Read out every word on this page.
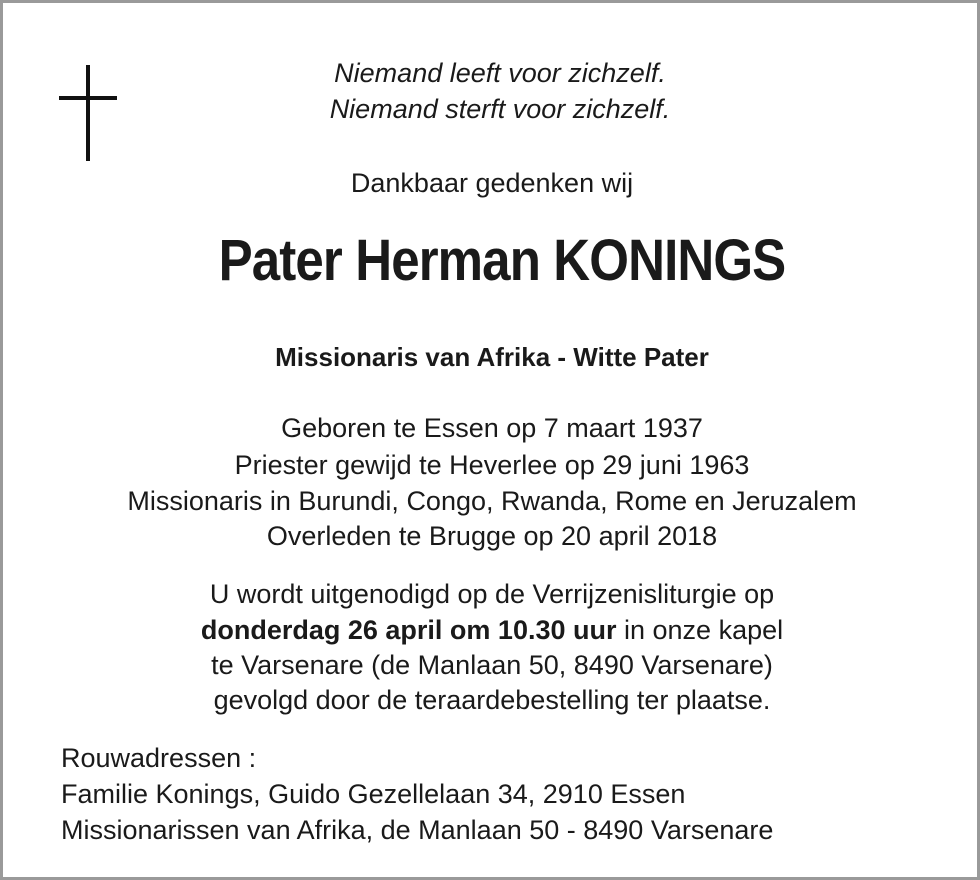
Niemand leeft voor zichzelf.
Niemand sterft voor zichzelf.
Dankbaar gedenken wij
Pater Herman KONINGS
Missionaris van Afrika - Witte Pater
Geboren te Essen op 7 maart 1937
Priester gewijd te Heverlee op 29 juni 1963
Missionaris in Burundi, Congo, Rwanda, Rome en Jeruzalem
Overleden te Brugge op 20 april 2018
U wordt uitgenodigd op de Verrijzenisliturgie op
donderdag 26 april om 10.30 uur in onze kapel
te Varsenare (de Manlaan 50, 8490 Varsenare)
gevolgd door de teraardebestelling ter plaatse.
Rouwadressen :
Familie Konings, Guido Gezellelaan 34, 2910 Essen
Missionarissen van Afrika, de Manlaan 50 - 8490 Varsenare
